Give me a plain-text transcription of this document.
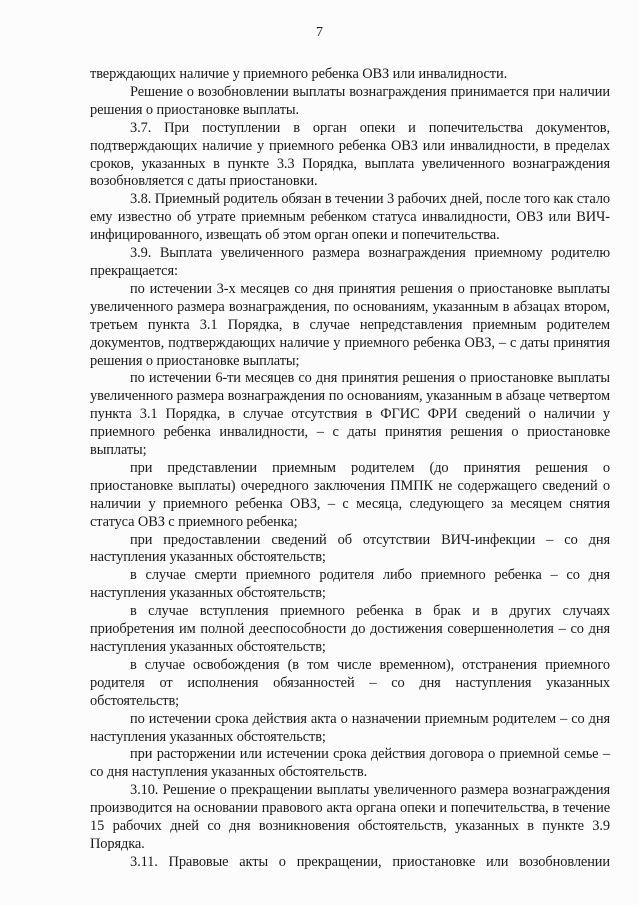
7

тверждающих наличие у приемного ребенка ОВЗ или инвалидности.

Решение о возобновлении выплаты вознаграждения принимается при наличии решения о приостановке выплаты.

3.7. При поступлении в орган опеки и попечительства документов, подтверждающих наличие у приемного ребенка ОВЗ или инвалидности, в пределах сроков, указанных в пункте 3.3 Порядка, выплата увеличенного вознаграждения возобновляется с даты приостановки.

3.8. Приемный родитель обязан в течении 3 рабочих дней, после того как стало ему известно об утрате приемным ребенком статуса инвалидности, ОВЗ или ВИЧ-инфицированного, извещать об этом орган опеки и попечительства.

3.9. Выплата увеличенного размера вознаграждения приемному родителю прекращается:

по истечении 3-х месяцев со дня принятия решения о приостановке выплаты увеличенного размера вознаграждения, по основаниям, указанным в абзацах втором, третьем пункта 3.1 Порядка, в случае непредставления приемным родителем документов, подтверждающих наличие у приемного ребенка ОВЗ, – с даты принятия решения о приостановке выплаты;

по истечении 6-ти месяцев со дня принятия решения о приостановке выплаты увеличенного размера вознаграждения по основаниям, указанным в абзаце четвертом пункта 3.1 Порядка, в случае отсутствия в ФГИС ФРИ сведений о наличии у приемного ребенка инвалидности, – с даты принятия решения о приостановке выплаты;

при представлении приемным родителем (до принятия решения о приостановке выплаты) очередного заключения ПМПК не содержащего сведений о наличии у приемного ребенка ОВЗ, – с месяца, следующего за месяцем снятия статуса ОВЗ с приемного ребенка;

при предоставлении сведений об отсутствии ВИЧ-инфекции – со дня наступления указанных обстоятельств;

в случае смерти приемного родителя либо приемного ребенка – со дня наступления указанных обстоятельств;

в случае вступления приемного ребенка в брак и в других случаях приобретения им полной дееспособности до достижения совершеннолетия – со дня наступления указанных обстоятельств;

в случае освобождения (в том числе временном), отстранения приемного родителя от исполнения обязанностей – со дня наступления указанных обстоятельств;

по истечении срока действия акта о назначении приемным родителем – со дня наступления указанных обстоятельств;

при расторжении или истечении срока действия договора о приемной семье – со дня наступления указанных обстоятельств.

3.10. Решение о прекращении выплаты увеличенного размера вознаграждения производится на основании правового акта органа опеки и попечительства, в течение 15 рабочих дней со дня возникновения обстоятельств, указанных в пункте 3.9 Порядка.

3.11. Правовые акты о прекращении, приостановке или возобновлении
